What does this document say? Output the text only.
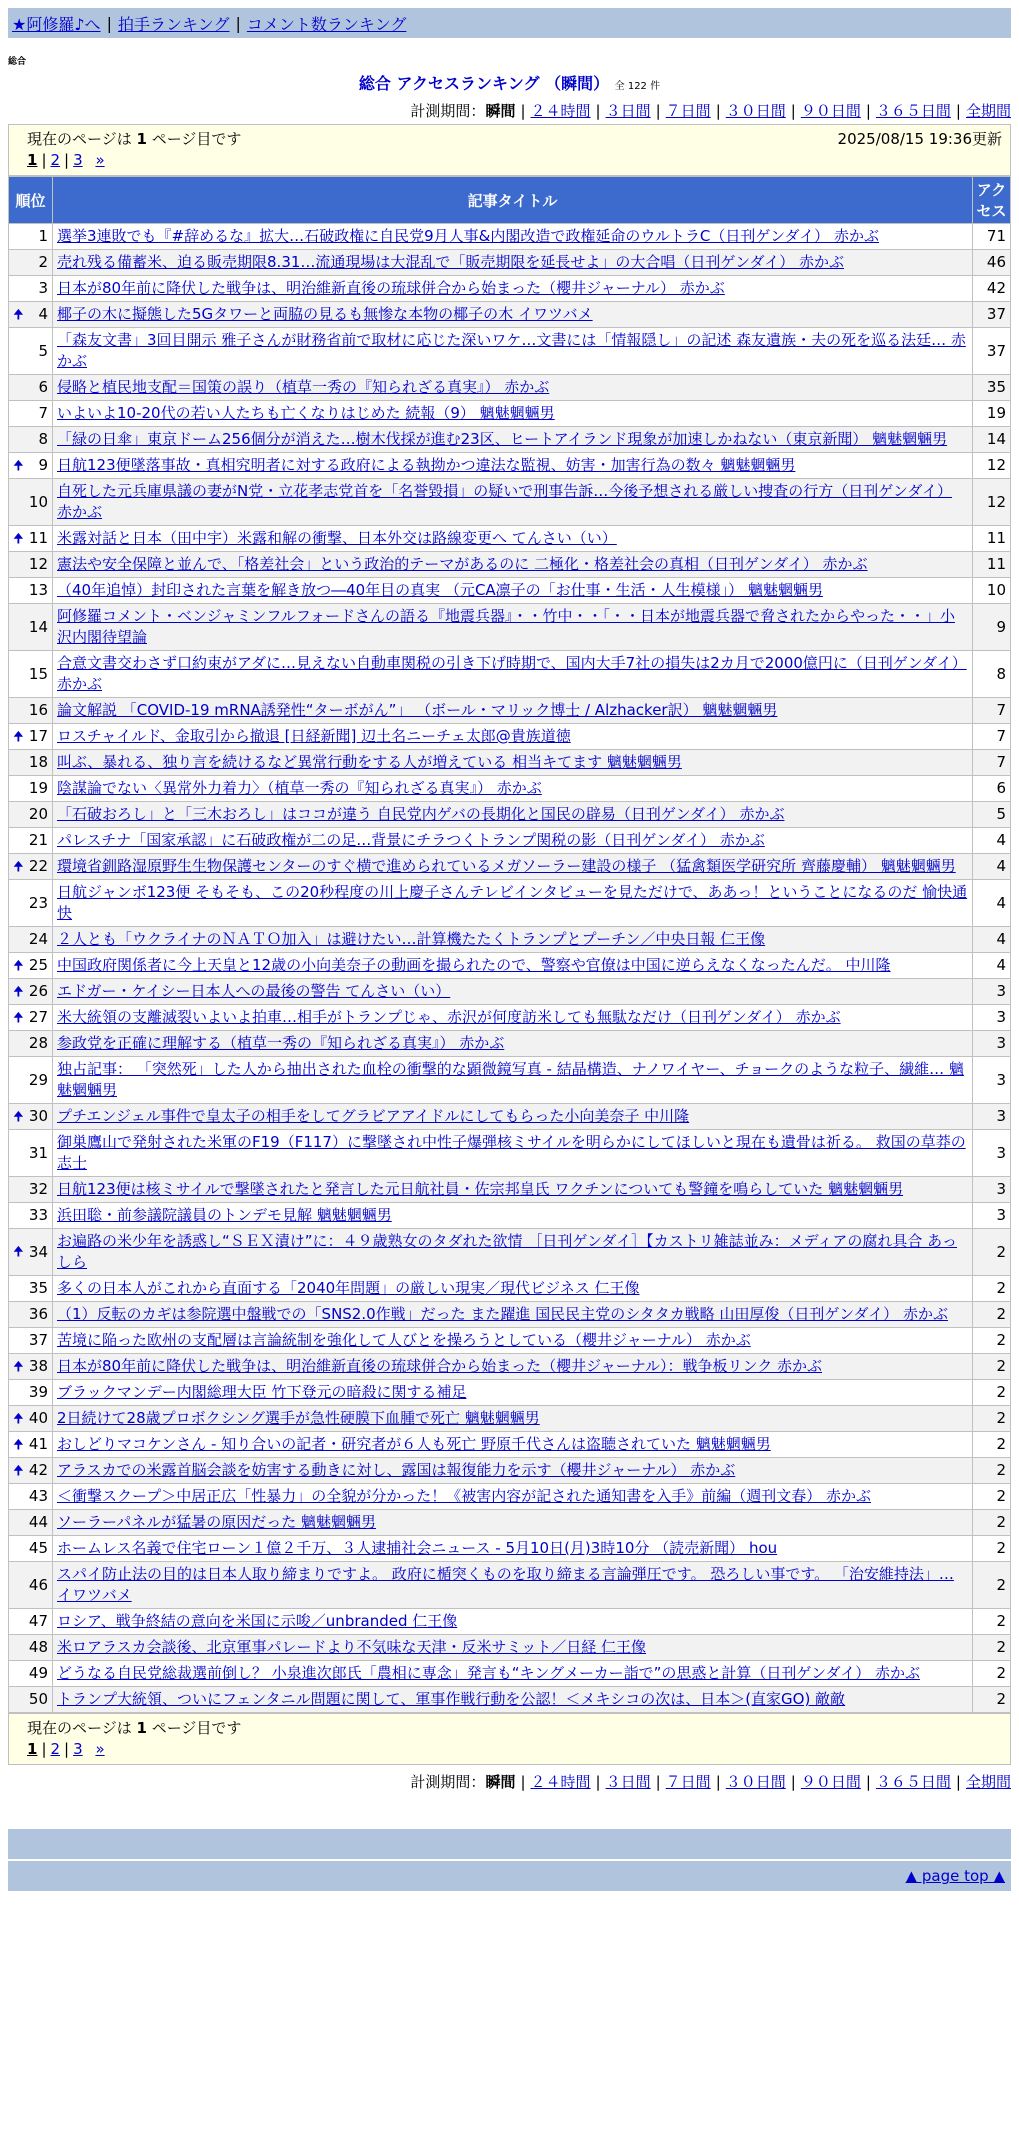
★阿修羅♪へ | 拍手ランキング | コメント数ランキング
総合
総合 アクセスランキング （瞬間） 全 122 件
計測期間：瞬間 | ２４時間 | ３日間 | ７日間 | ３０日間 | ９０日間 | ３６５日間 | 全期間
現在のページは 1 ページ目です	2025/08/15 19:36更新
1 | 2 | 3 »
順位	記事タイトル	アクセス
1	選挙3連敗でも『#辞めるな』拡大…石破政権に自民党9月人事&内閣改造で政権延命のウルトラC（日刊ゲンダイ） 赤かぶ	71
2	売れ残る備蓄米、迫る販売期限8.31…流通現場は大混乱で「販売期限を延長せよ」の大合唱（日刊ゲンダイ） 赤かぶ	46
3	日本が80年前に降伏した戦争は、明治維新直後の琉球併合から始まった（櫻井ジャーナル） 赤かぶ	42

🠉 4	椰子の木に擬態した5Gタワーと両脇の見るも無惨な本物の椰子の木 イワツバメ	37
5	「森友文書」3回目開示 雅子さんが財務省前で取材に応じた深いワケ…文書には「情報隠し」の記述 森友遺族・夫の死を巡る法廷… 赤かぶ	37
6	侵略と植民地支配＝国策の誤り（植草一秀の『知られざる真実』） 赤かぶ	35
7	いよいよ10-20代の若い人たちも亡くなりはじめた 続報（9） 魑魅魍魎男	19
8	「緑の日傘」東京ドーム256個分が消えた…樹木伐採が進む23区、ヒートアイランド現象が加速しかねない（東京新聞） 魑魅魍魎男	14

🠉 9	日航123便墜落事故・真相究明者に対する政府による執拗かつ違法な監視、妨害・加害行為の数々 魑魅魍魎男	12
10	自死した元兵庫県議の妻がN党・立花孝志党首を「名誉毀損」の疑いで刑事告訴…今後予想される厳しい捜査の行方（日刊ゲンダイ） 赤かぶ	12

🠉 11	米露対話と日本（田中宇）米露和解の衝撃、日本外交は路線変更へ てんさい（い）	11
12	憲法や安全保障と並んで、「格差社会」という政治的テーマがあるのに 二極化・格差社会の真相（日刊ゲンダイ） 赤かぶ	11
13	（40年追悼）封印された言葉を解き放つ―40年目の真実 （元CA凛子の「お仕事・生活・人生模様」） 魑魅魍魎男	10
14	阿修羅コメント・ベンジャミンフルフォードさんの語る『地震兵器』・・竹中・・「・・日本が地震兵器で脅されたからやった・・」小沢内閣待望論	9
15	合意文書交わさず口約束がアダに…見えない自動車関税の引き下げ時期で、国内大手7社の損失は2カ月で2000億円に（日刊ゲンダイ） 赤かぶ	8
16	論文解説 「COVID-19 mRNA誘発性“ターボがん”」 （ボール・マリック博士 / Alzhacker訳） 魑魅魍魎男	7

🠉 17	ロスチャイルド、金取引から撤退 [日経新聞] 辺土名ニーチェ太郎@貴族道徳	7
18	叫ぶ、暴れる、独り言を続けるなど異常行動をする人が増えている 相当キてます 魑魅魍魎男	7
19	陰謀論でない〈異常外力着力〉（植草一秀の『知られざる真実』） 赤かぶ	6
20	「石破おろし」と「三木おろし」はココが違う 自民党内ゲバの長期化と国民の辟易（日刊ゲンダイ） 赤かぶ	5
21	パレスチナ「国家承認」に石破政権が二の足…背景にチラつくトランプ関税の影（日刊ゲンダイ） 赤かぶ	4

🠉 22	環境省釧路湿原野生生物保護センターのすぐ横で進められているメガソーラー建設の様子 （猛禽類医学研究所 齊藤慶輔） 魑魅魍魎男	4
23	日航ジャンボ123便 そもそも、この20秒程度の川上慶子さんテレビインタビューを見ただけで、ああっ！ということになるのだ 愉快通快	4
24	２人とも「ウクライナのＮＡＴＯ加入」は避けたい…計算機たたくトランプとプーチン／中央日報 仁王像	4

🠉 25	中国政府関係者に今上天皇と12歳の小向美奈子の動画を撮られたので、警察や官僚は中国に逆らえなくなったんだ。 中川隆	4

🠉 26	エドガー・ケイシー日本人への最後の警告 てんさい（い）	3

🠉 27	米大統領の支離滅裂いよいよ拍車…相手がトランプじゃ、赤沢が何度訪米しても無駄なだけ（日刊ゲンダイ） 赤かぶ	3
28	参政党を正確に理解する（植草一秀の『知られざる真実』） 赤かぶ	3
29	独占記事： 「突然死」した人から抽出された血栓の衝撃的な顕微鏡写真 - 結晶構造、ナノワイヤー、チョークのような粒子、繊維… 魑魅魍魎男	3

🠉 30	プチエンジェル事件で皇太子の相手をしてグラビアアイドルにしてもらった小向美奈子 中川隆	3
31	御巣鷹山で発射された米軍のF19（F117）に撃墜され中性子爆弾核ミサイルを明らかにしてほしいと現在も遺骨は祈る。 救国の草莽の志士	3
32	日航123便は核ミサイルで撃墜されたと発言した元日航社員・佐宗邦皇氏 ワクチンについても警鐘を鳴らしていた 魑魅魍魎男	3
33	浜田聡・前参議院議員のトンデモ見解 魑魅魍魎男	3

🠉 34	お遍路の米少年を誘惑し“ＳＥＸ漬け”に：４９歳熟女のタダれた欲情 ［日刊ゲンダイ］【カストリ雑誌並み：メディアの腐れ具合 あっしら	2
35	多くの日本人がこれから直面する「2040年問題」の厳しい現実／現代ビジネス 仁王像	2
36	（1）反転のカギは参院選中盤戦での「SNS2.0作戦」だった また躍進 国民民主党のシタタカ戦略 山田厚俊（日刊ゲンダイ） 赤かぶ	2
37	苦境に陥った欧州の支配層は言論統制を強化して人びとを操ろうとしている（櫻井ジャーナル） 赤かぶ	2

🠉 38	日本が80年前に降伏した戦争は、明治維新直後の琉球併合から始まった（櫻井ジャーナル）：戦争板リンク 赤かぶ	2
39	ブラックマンデー内閣総理大臣 竹下登元の暗殺に関する補足	2

🠉 40	2日続けて28歳プロボクシング選手が急性硬膜下血腫で死亡 魑魅魍魎男	2

🠉 41	おしどりマコケンさん - 知り合いの記者・研究者が６人も死亡 野原千代さんは盗聴されていた 魑魅魍魎男	2

🠉 42	アラスカでの米露首脳会談を妨害する動きに対し、露国は報復能力を示す（櫻井ジャーナル） 赤かぶ	2
43	＜衝撃スクープ＞中居正広「性暴力」の全貌が分かった！《被害内容が記された通知書を入手》前編（週刊文春） 赤かぶ	2
44	ソーラーパネルが猛暑の原因だった 魑魅魍魎男	2
45	ホームレス名義で住宅ローン１億２千万、３人逮捕社会ニュース - 5月10日(月)3時10分 （読売新聞） hou	2
46	スパイ防止法の目的は日本人取り締まりですよ。 政府に楯突くものを取り締まる言論弾圧です。 恐ろしい事です。 「治安維持法」… イワツバメ	2
47	ロシア、戦争終結の意向を米国に示唆／unbranded 仁王像	2
48	米ロアラスカ会談後、北京軍事パレードより不気味な天津・反米サミット／日経 仁王像	2
49	どうなる自民党総裁選前倒し？ 小泉進次郎氏「農相に専念」発言も“キングメーカー詣で”の思惑と計算（日刊ゲンダイ） 赤かぶ	2
50	トランプ大統領、ついにフェンタニル問題に関して、軍事作戦行動を公認！＜メキシコの次は、日本＞(直家GO) 敵敵	2
現在のページは 1 ページ目です
1 | 2 | 3 »
計測期間：瞬間 | ２４時間 | ３日間 | ７日間 | ３０日間 | ９０日間 | ３６５日間 | 全期間
▲ page top ▲
